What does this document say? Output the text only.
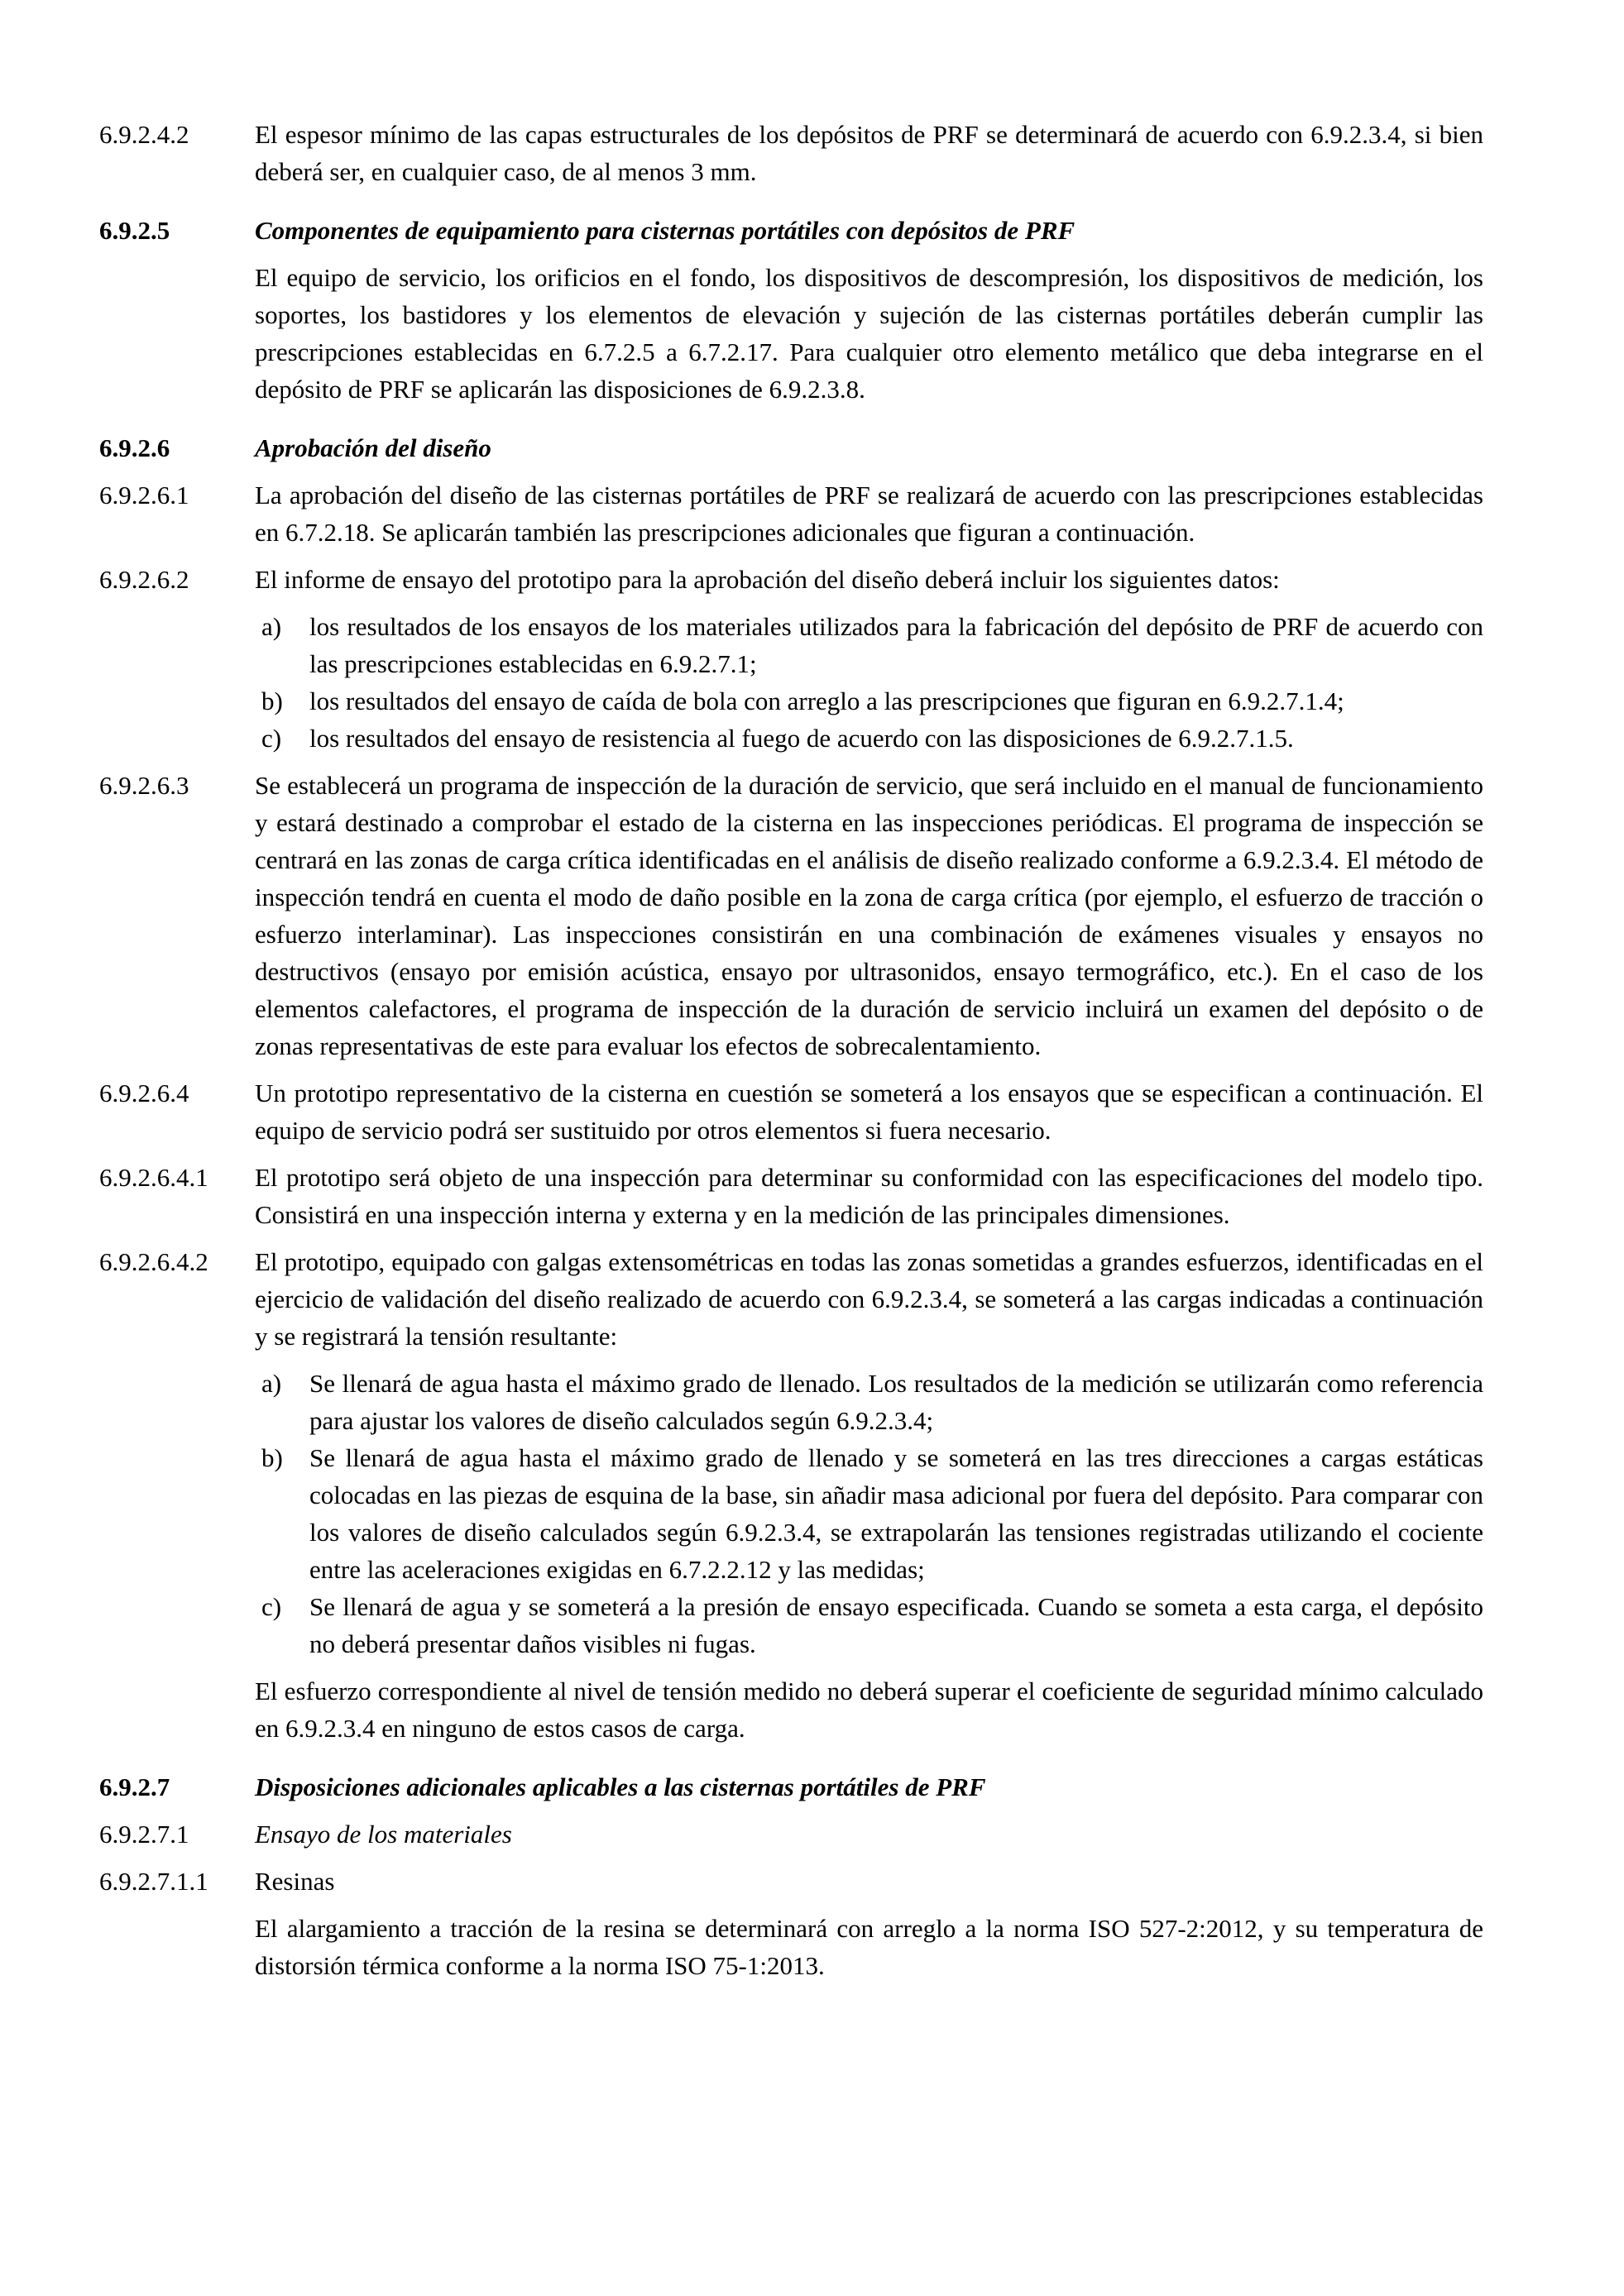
6.9.2.4.2	El espesor mínimo de las capas estructurales de los depósitos de PRF se determinará de acuerdo con 6.9.2.3.4, si bien deberá ser, en cualquier caso, de al menos 3 mm.
6.9.2.5	Componentes de equipamiento para cisternas portátiles con depósitos de PRF
El equipo de servicio, los orificios en el fondo, los dispositivos de descompresión, los dispositivos de medición, los soportes, los bastidores y los elementos de elevación y sujeción de las cisternas portátiles deberán cumplir las prescripciones establecidas en 6.7.2.5 a 6.7.2.17. Para cualquier otro elemento metálico que deba integrarse en el depósito de PRF se aplicarán las disposiciones de 6.9.2.3.8.
6.9.2.6	Aprobación del diseño
6.9.2.6.1	La aprobación del diseño de las cisternas portátiles de PRF se realizará de acuerdo con las prescripciones establecidas en 6.7.2.18. Se aplicarán también las prescripciones adicionales que figuran a continuación.
6.9.2.6.2	El informe de ensayo del prototipo para la aprobación del diseño deberá incluir los siguientes datos:
a)	los resultados de los ensayos de los materiales utilizados para la fabricación del depósito de PRF de acuerdo con las prescripciones establecidas en 6.9.2.7.1;
b)	los resultados del ensayo de caída de bola con arreglo a las prescripciones que figuran en 6.9.2.7.1.4;
c)	los resultados del ensayo de resistencia al fuego de acuerdo con las disposiciones de 6.9.2.7.1.5.
6.9.2.6.3	Se establecerá un programa de inspección de la duración de servicio, que será incluido en el manual de funcionamiento y estará destinado a comprobar el estado de la cisterna en las inspecciones periódicas. El programa de inspección se centrará en las zonas de carga crítica identificadas en el análisis de diseño realizado conforme a 6.9.2.3.4. El método de inspección tendrá en cuenta el modo de daño posible en la zona de carga crítica (por ejemplo, el esfuerzo de tracción o esfuerzo interlaminar). Las inspecciones consistirán en una combinación de exámenes visuales y ensayos no destructivos (ensayo por emisión acústica, ensayo por ultrasonidos, ensayo termográfico, etc.). En el caso de los elementos calefactores, el programa de inspección de la duración de servicio incluirá un examen del depósito o de zonas representativas de este para evaluar los efectos de sobrecalentamiento.
6.9.2.6.4	Un prototipo representativo de la cisterna en cuestión se someterá a los ensayos que se especifican a continuación. El equipo de servicio podrá ser sustituido por otros elementos si fuera necesario.
6.9.2.6.4.1	El prototipo será objeto de una inspección para determinar su conformidad con las especificaciones del modelo tipo. Consistirá en una inspección interna y externa y en la medición de las principales dimensiones.
6.9.2.6.4.2	El prototipo, equipado con galgas extensométricas en todas las zonas sometidas a grandes esfuerzos, identificadas en el ejercicio de validación del diseño realizado de acuerdo con 6.9.2.3.4, se someterá a las cargas indicadas a continuación y se registrará la tensión resultante:
a)	Se llenará de agua hasta el máximo grado de llenado. Los resultados de la medición se utilizarán como referencia para ajustar los valores de diseño calculados según 6.9.2.3.4;
b)	Se llenará de agua hasta el máximo grado de llenado y se someterá en las tres direcciones a cargas estáticas colocadas en las piezas de esquina de la base, sin añadir masa adicional por fuera del depósito. Para comparar con los valores de diseño calculados según 6.9.2.3.4, se extrapolarán las tensiones registradas utilizando el cociente entre las aceleraciones exigidas en 6.7.2.2.12 y las medidas;
c)	Se llenará de agua y se someterá a la presión de ensayo especificada. Cuando se someta a esta carga, el depósito no deberá presentar daños visibles ni fugas.
El esfuerzo correspondiente al nivel de tensión medido no deberá superar el coeficiente de seguridad mínimo calculado en 6.9.2.3.4 en ninguno de estos casos de carga.
6.9.2.7	Disposiciones adicionales aplicables a las cisternas portátiles de PRF
6.9.2.7.1	Ensayo de los materiales
6.9.2.7.1.1	Resinas
El alargamiento a tracción de la resina se determinará con arreglo a la norma ISO 527-2:2012, y su temperatura de distorsión térmica conforme a la norma ISO 75-1:2013.
